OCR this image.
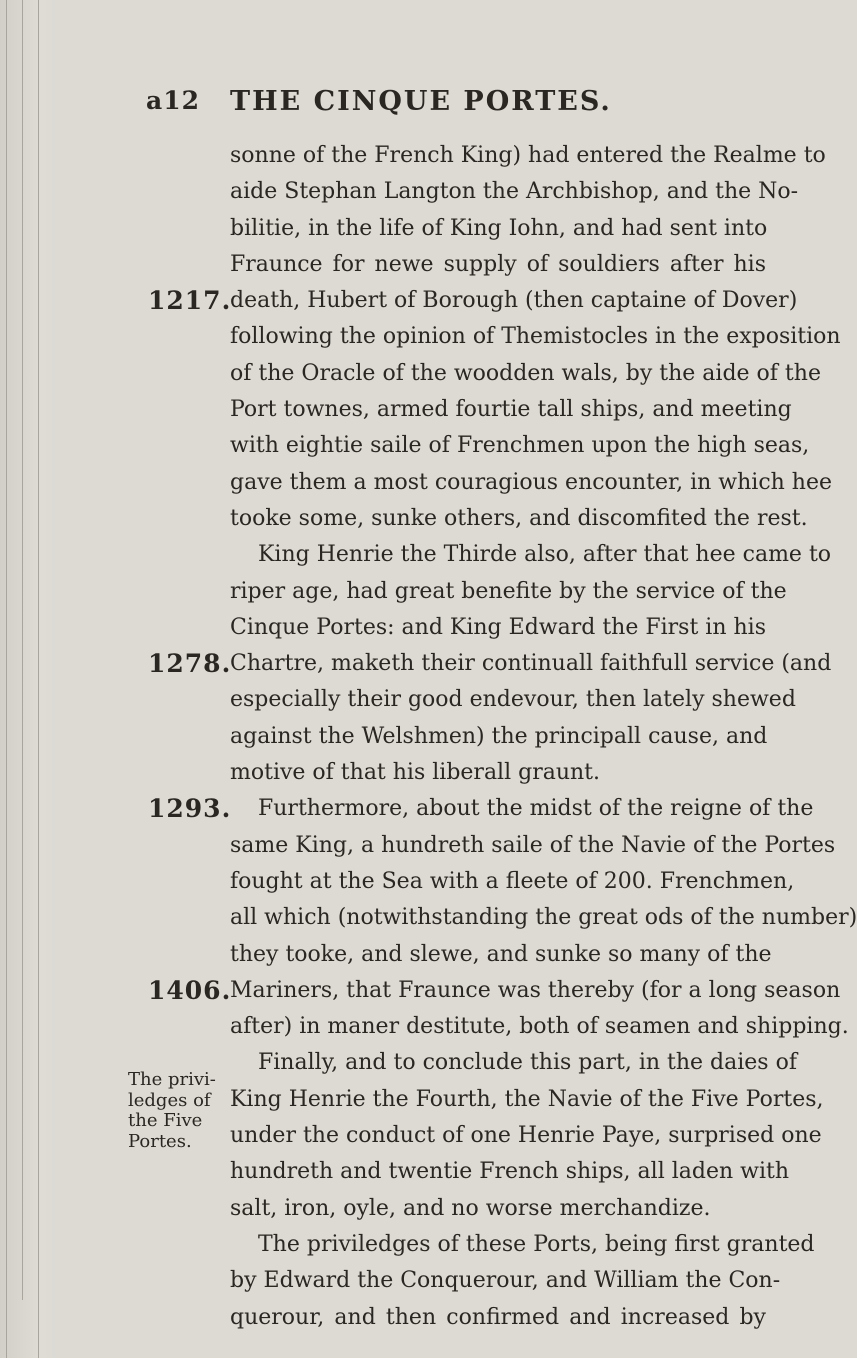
a12 THE CINQUE PORTES.
1217.
1278.
1293.
1406.
The privi-
ledges of
the Five
Portes.
sonne of the French King) had entered the Realme to
aide Stephan Langton the Archbishop, and the No-
bilitie, in the life of King Iohn, and had sent into
Fraunce for newe supply of souldiers after his
death, Hubert of Borough (then captaine of Dover)
following the opinion of Themistocles in the exposition
of the Oracle of the woodden wals, by the aide of the
Port townes, armed fourtie tall ships, and meeting
with eightie saile of Frenchmen upon the high seas,
gave them a most couragious encounter, in which hee
tooke some, sunke others, and discomfited the rest.
King Henrie the Thirde also, after that hee came to
riper age, had great benefite by the service of the
Cinque Portes: and King Edward the First in his
Chartre, maketh their continuall faithfull service (and
especially their good endevour, then lately shewed
against the Welshmen) the principall cause, and
motive of that his liberall graunt.
Furthermore, about the midst of the reigne of the
same King, a hundreth saile of the Navie of the Portes
fought at the Sea with a fleete of 200. Frenchmen,
all which (notwithstanding the great ods of the number)
they tooke, and slewe, and sunke so many of the
Mariners, that Fraunce was thereby (for a long season
after) in maner destitute, both of seamen and shipping.
Finally, and to conclude this part, in the daies of
King Henrie the Fourth, the Navie of the Five Portes,
under the conduct of one Henrie Paye, surprised one
hundreth and twentie French ships, all laden with
salt, iron, oyle, and no worse merchandize.
The priviledges of these Ports, being first granted
by Edward the Conquerour, and William the Con-
querour, and then confirmed and increased by
